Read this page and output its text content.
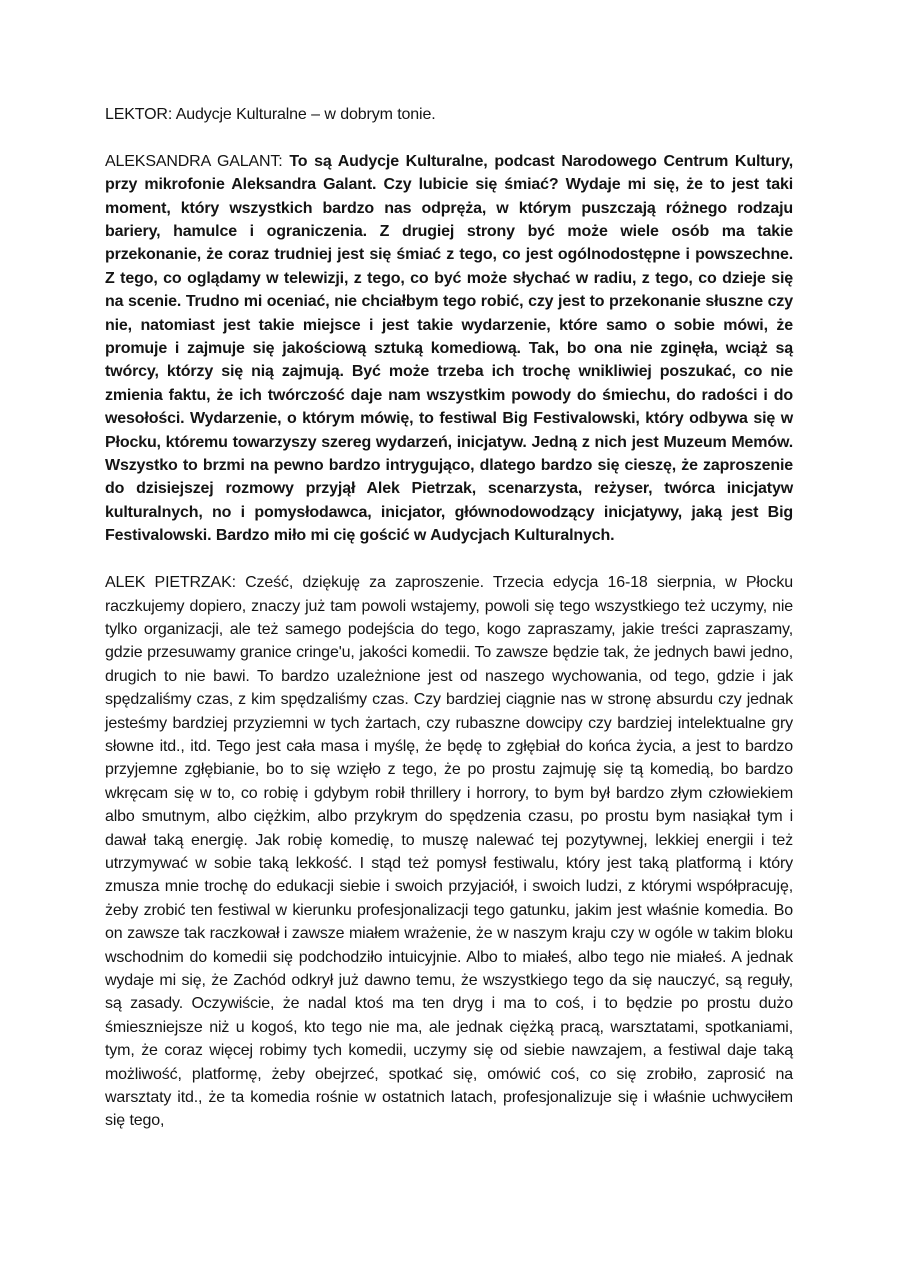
LEKTOR: Audycje Kulturalne – w dobrym tonie.

ALEKSANDRA GALANT: To są Audycje Kulturalne, podcast Narodowego Centrum Kultury, przy mikrofonie Aleksandra Galant. Czy lubicie się śmiać? Wydaje mi się, że to jest taki moment, który wszystkich bardzo nas odpręża, w którym puszczają różnego rodzaju bariery, hamulce i ograniczenia. Z drugiej strony być może wiele osób ma takie przekonanie, że coraz trudniej jest się śmiać z tego, co jest ogólnodostępne i powszechne. Z tego, co oglądamy w telewizji, z tego, co być może słychać w radiu, z tego, co dzieje się na scenie. Trudno mi oceniać, nie chciałbym tego robić, czy jest to przekonanie słuszne czy nie, natomiast jest takie miejsce i jest takie wydarzenie, które samo o sobie mówi, że promuje i zajmuje się jakościową sztuką komediową. Tak, bo ona nie zginęła, wciąż są twórcy, którzy się nią zajmują. Być może trzeba ich trochę wnikliwiej poszukać, co nie zmienia faktu, że ich twórczość daje nam wszystkim powody do śmiechu, do radości i do wesołości. Wydarzenie, o którym mówię, to festiwal Big Festivalowski, który odbywa się w Płocku, któremu towarzyszy szereg wydarzeń, inicjatyw. Jedną z nich jest Muzeum Memów. Wszystko to brzmi na pewno bardzo intrygująco, dlatego bardzo się cieszę, że zaproszenie do dzisiejszej rozmowy przyjął Alek Pietrzak, scenarzysta, reżyser, twórca inicjatyw kulturalnych, no i pomysłodawca, inicjator, głównodowodzący inicjatywy, jaką jest Big Festivalowski. Bardzo miło mi cię gościć w Audycjach Kulturalnych.

ALEK PIETRZAK: Cześć, dziękuję za zaproszenie. Trzecia edycja 16-18 sierpnia, w Płocku raczkujemy dopiero, znaczy już tam powoli wstajemy, powoli się tego wszystkiego też uczymy, nie tylko organizacji, ale też samego podejścia do tego, kogo zapraszamy, jakie treści zapraszamy, gdzie przesuwamy granice cringe'u, jakości komedii. To zawsze będzie tak, że jednych bawi jedno, drugich to nie bawi. To bardzo uzależnione jest od naszego wychowania, od tego, gdzie i jak spędzaliśmy czas, z kim spędzaliśmy czas. Czy bardziej ciągnie nas w stronę absurdu czy jednak jesteśmy bardziej przyziemni w tych żartach, czy rubaszne dowcipy czy bardziej intelektualne gry słowne itd., itd. Tego jest cała masa i myślę, że będę to zgłębiał do końca życia, a jest to bardzo przyjemne zgłębianie, bo to się wzięło z tego, że po prostu zajmuję się tą komedią, bo bardzo wkręcam się w to, co robię i gdybym robił thrillery i horrory, to bym był bardzo złym człowiekiem albo smutnym, albo ciężkim, albo przykrym do spędzenia czasu, po prostu bym nasiąkał tym i dawał taką energię. Jak robię komedię, to muszę nalewać tej pozytywnej, lekkiej energii i też utrzymywać w sobie taką lekkość. I stąd też pomysł festiwalu, który jest taką platformą i który zmusza mnie trochę do edukacji siebie i swoich przyjaciół, i swoich ludzi, z którymi współpracuję, żeby zrobić ten festiwal w kierunku profesjonalizacji tego gatunku, jakim jest właśnie komedia. Bo on zawsze tak raczkował i zawsze miałem wrażenie, że w naszym kraju czy w ogóle w takim bloku wschodnim do komedii się podchodziło intuicyjnie. Albo to miałeś, albo tego nie miałeś. A jednak wydaje mi się, że Zachód odkrył już dawno temu, że wszystkiego tego da się nauczyć, są reguły, są zasady. Oczywiście, że nadal ktoś ma ten dryg i ma to coś, i to będzie po prostu dużo śmieszniejsze niż u kogoś, kto tego nie ma, ale jednak ciężką pracą, warsztatami, spotkaniami, tym, że coraz więcej robimy tych komedii, uczymy się od siebie nawzajem, a festiwal daje taką możliwość, platformę, żeby obejrzeć, spotkać się, omówić coś, co się zrobiło, zaprosić na warsztaty itd., że ta komedia rośnie w ostatnich latach, profesjonalizuje się i właśnie uchwyciłem się tego,
